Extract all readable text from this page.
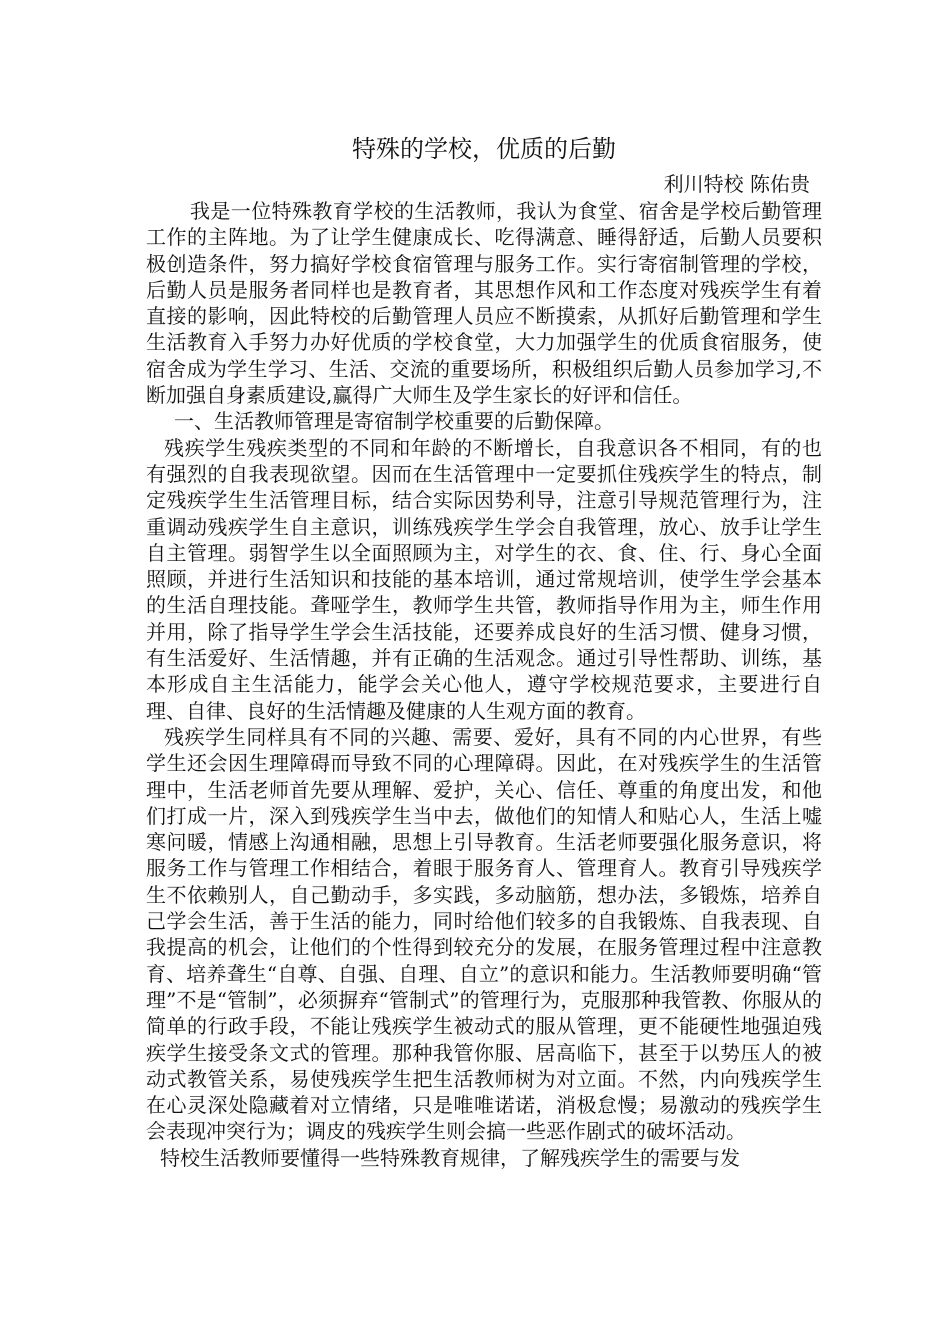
特殊的学校，优质的后勤

利川特校 陈佑贵

我是一位特殊教育学校的生活教师，我认为食堂、宿舍是学校后勤管理工作的主阵地。为了让学生健康成长、吃得满意、睡得舒适，后勤人员要积极创造条件，努力搞好学校食宿管理与服务工作。实行寄宿制管理的学校，后勤人员是服务者同样也是教育者，其思想作风和工作态度对残疾学生有着直接的影响，因此特校的后勤管理人员应不断摸索，从抓好后勤管理和学生生活教育入手努力办好优质的学校食堂，大力加强学生的优质食宿服务，使宿舍成为学生学习、生活、交流的重要场所，积极组织后勤人员参加学习,不断加强自身素质建设,赢得广大师生及学生家长的好评和信任。

一、生活教师管理是寄宿制学校重要的后勤保障。

残疾学生残疾类型的不同和年龄的不断增长，自我意识各不相同，有的也有强烈的自我表现欲望。因而在生活管理中一定要抓住残疾学生的特点，制定残疾学生生活管理目标，结合实际因势利导，注意引导规范管理行为，注重调动残疾学生自主意识，训练残疾学生学会自我管理，放心、放手让学生自主管理。弱智学生以全面照顾为主，对学生的衣、食、住、行、身心全面照顾，并进行生活知识和技能的基本培训，通过常规培训，使学生学会基本的生活自理技能。聋哑学生，教师学生共管，教师指导作用为主，师生作用并用，除了指导学生学会生活技能，还要养成良好的生活习惯、健身习惯，有生活爱好、生活情趣，并有正确的生活观念。通过引导性帮助、训练，基本形成自主生活能力，能学会关心他人，遵守学校规范要求，主要进行自理、自律、良好的生活情趣及健康的人生观方面的教育。

残疾学生同样具有不同的兴趣、需要、爱好，具有不同的内心世界，有些学生还会因生理障碍而导致不同的心理障碍。因此，在对残疾学生的生活管理中，生活老师首先要从理解、爱护，关心、信任、尊重的角度出发，和他们打成一片，深入到残疾学生当中去，做他们的知情人和贴心人，生活上嘘寒问暖，情感上沟通相融，思想上引导教育。生活老师要强化服务意识，将服务工作与管理工作相结合，着眼于服务育人、管理育人。教育引导残疾学生不依赖别人，自己勤动手，多实践，多动脑筋，想办法，多锻炼，培养自己学会生活，善于生活的能力，同时给他们较多的自我锻炼、自我表现、自我提高的机会，让他们的个性得到较充分的发展，在服务管理过程中注意教育、培养聋生“自尊、自强、自理、自立”的意识和能力。生活教师要明确“管理”不是“管制”，必须摒弃“管制式”的管理行为，克服那种我管教、你服从的简单的行政手段，不能让残疾学生被动式的服从管理，更不能硬性地强迫残疾学生接受条文式的管理。那种我管你服、居高临下，甚至于以势压人的被动式教管关系，易使残疾学生把生活教师树为对立面。不然，内向残疾学生在心灵深处隐藏着对立情绪，只是唯唯诺诺，消极怠慢；易激动的残疾学生会表现冲突行为；调皮的残疾学生则会搞一些恶作剧式的破坏活动。

特校生活教师要懂得一些特殊教育规律，了解残疾学生的需要与发
